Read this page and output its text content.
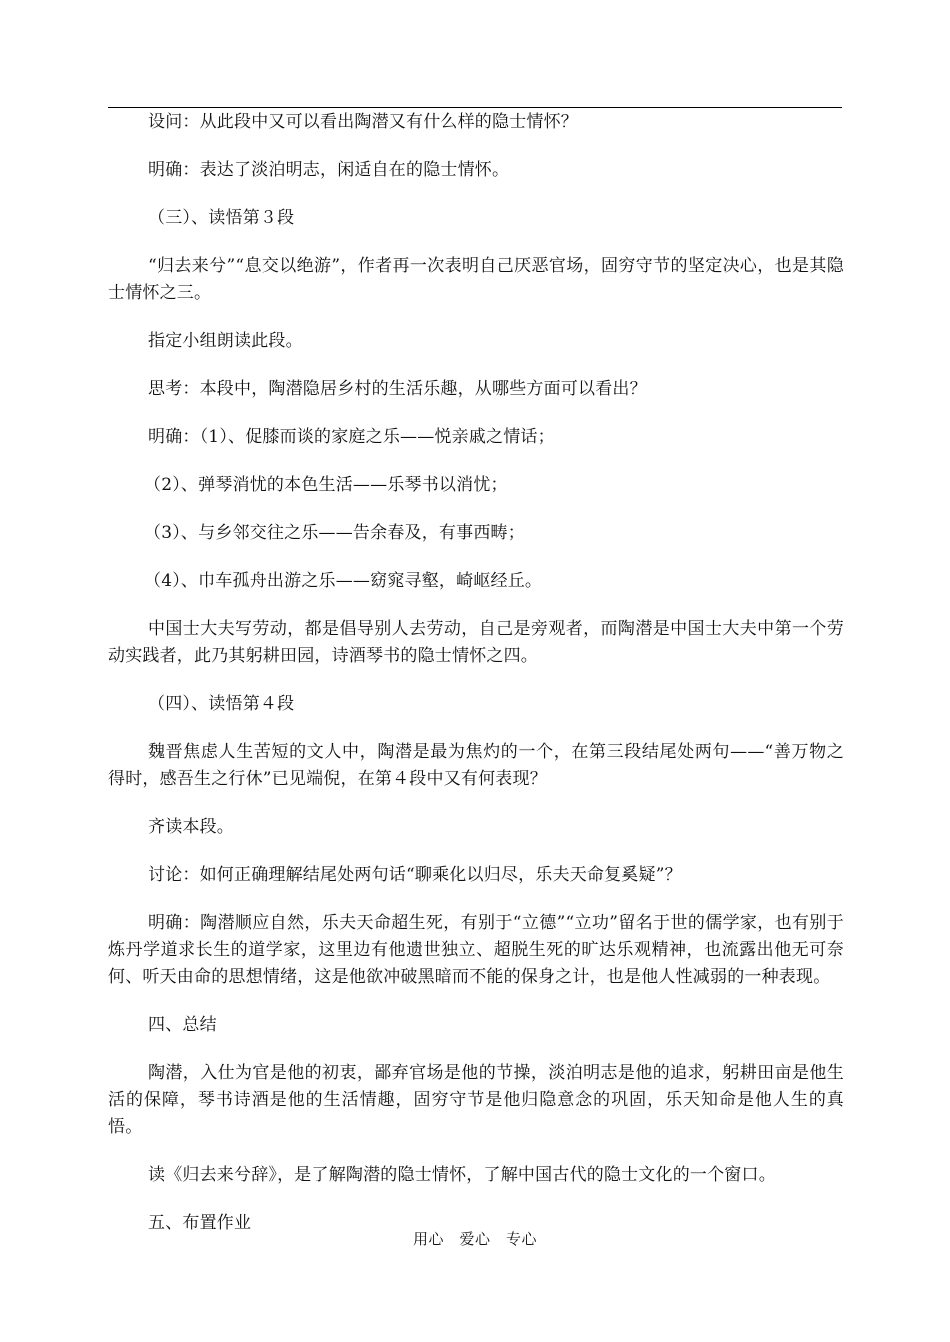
设问：从此段中又可以看出陶潜又有什么样的隐士情怀？

明确：表达了淡泊明志，闲适自在的隐士情怀。

（三）、读悟第３段

“归去来兮”“息交以绝游”，作者再一次表明自己厌恶官场，固穷守节的坚定决心，也是其隐士情怀之三。

指定小组朗读此段。

思考：本段中，陶潜隐居乡村的生活乐趣，从哪些方面可以看出？

明确：（1）、促膝而谈的家庭之乐——悦亲戚之情话；

（2）、弹琴消忧的本色生活——乐琴书以消忧；

（3）、与乡邻交往之乐——告余春及，有事西畴；

（4）、巾车孤舟出游之乐——窈窕寻壑，崎岖经丘。

中国士大夫写劳动，都是倡导别人去劳动，自己是旁观者，而陶潜是中国士大夫中第一个劳动实践者，此乃其躬耕田园，诗酒琴书的隐士情怀之四。

（四）、读悟第４段

魏晋焦虑人生苦短的文人中，陶潜是最为焦灼的一个，在第三段结尾处两句——“善万物之得时，感吾生之行休”已见端倪，在第４段中又有何表现？

齐读本段。

讨论：如何正确理解结尾处两句话“聊乘化以归尽，乐夫天命复奚疑”？

明确：陶潜顺应自然，乐夫天命超生死，有别于“立德”“立功”留名于世的儒学家，也有别于炼丹学道求长生的道学家，这里边有他遗世独立、超脱生死的旷达乐观精神，也流露出他无可奈何、听天由命的思想情绪，这是他欲冲破黑暗而不能的保身之计，也是他人性减弱的一种表现。

四、总结

陶潜，入仕为官是他的初衷，鄙弃官场是他的节操，淡泊明志是他的追求，躬耕田亩是他生活的保障，琴书诗酒是他的生活情趣，固穷守节是他归隐意念的巩固，乐天知命是他人生的真悟。

读《归去来兮辞》，是了解陶潜的隐士情怀，了解中国古代的隐士文化的一个窗口。

五、布置作业

用心　爱心　专心
